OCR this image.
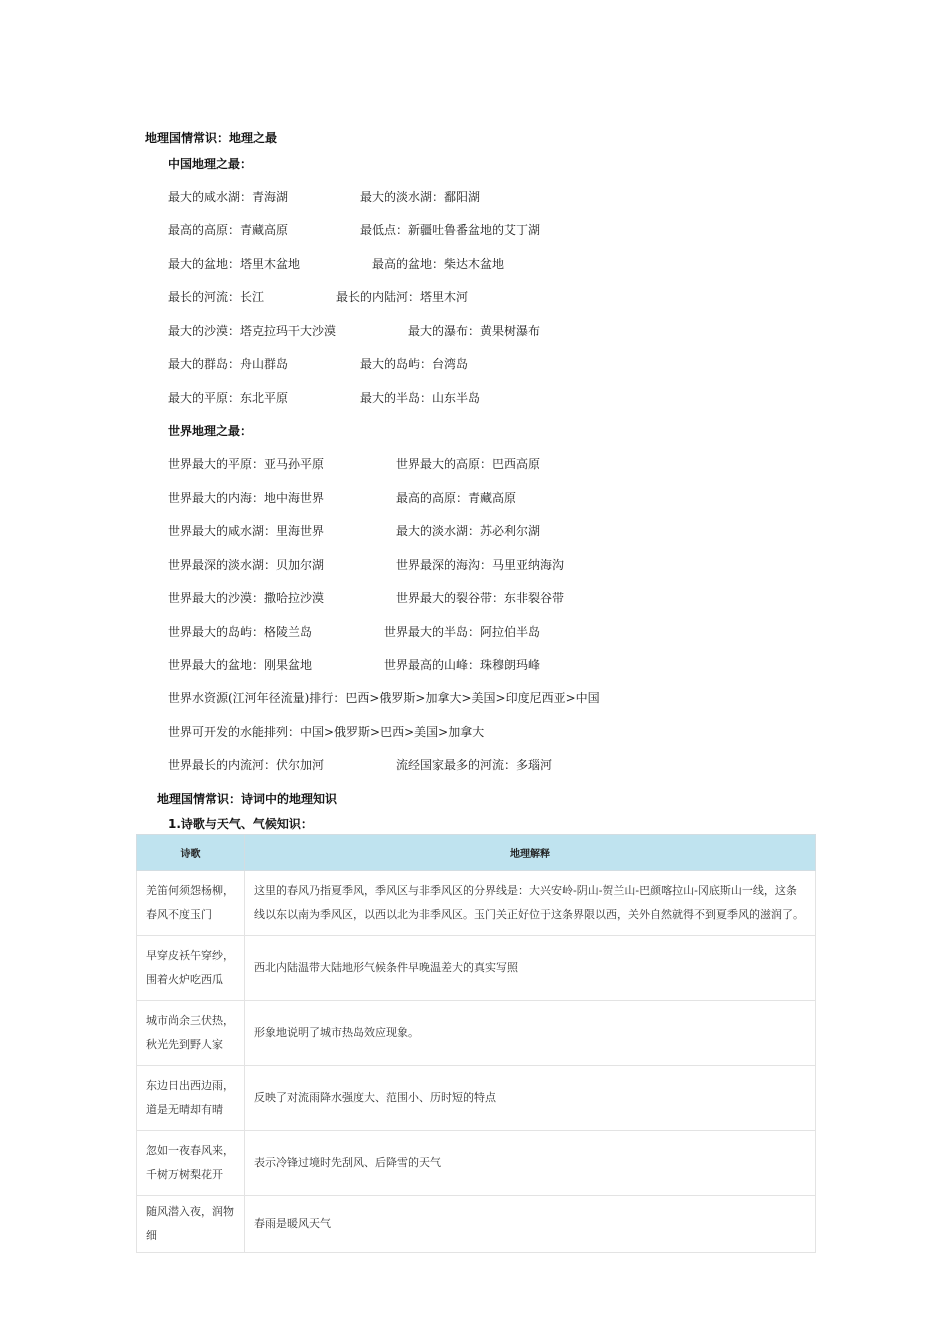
地理国情常识：地理之最
中国地理之最：
最大的咸水湖：青海湖	最大的淡水湖：鄱阳湖
最高的高原：青藏高原	最低点：新疆吐鲁番盆地的艾丁湖
最大的盆地：塔里木盆地	最高的盆地：柴达木盆地
最长的河流：长江	最长的内陆河：塔里木河
最大的沙漠：塔克拉玛干大沙漠	最大的瀑布：黄果树瀑布
最大的群岛：舟山群岛	最大的岛屿：台湾岛
最大的平原：东北平原	最大的半岛：山东半岛
世界地理之最：
世界最大的平原：亚马孙平原	世界最大的高原：巴西高原
世界最大的内海：地中海世界	最高的高原：青藏高原
世界最大的咸水湖：里海世界	最大的淡水湖：苏必利尔湖
世界最深的淡水湖：贝加尔湖	世界最深的海沟：马里亚纳海沟
世界最大的沙漠：撒哈拉沙漠	世界最大的裂谷带：东非裂谷带
世界最大的岛屿：格陵兰岛	世界最大的半岛：阿拉伯半岛
世界最大的盆地：刚果盆地	世界最高的山峰：珠穆朗玛峰
世界水资源(江河年径流量)排行：巴西>俄罗斯>加拿大>美国>印度尼西亚>中国
世界可开发的水能排列：中国>俄罗斯>巴西>美国>加拿大
世界最长的内流河：伏尔加河	流经国家最多的河流：多瑙河
地理国情常识：诗词中的地理知识
1.诗歌与天气、气候知识：
诗歌	地理解释
羌笛何须怨杨柳，春风不度玉门	这里的春风乃指夏季风，季风区与非季风区的分界线是：大兴安岭-阴山-贺兰山-巴颜喀拉山-冈底斯山一线，这条线以东以南为季风区，以西以北为非季风区。玉门关正好位于这条界限以西，关外自然就得不到夏季风的滋润了。
早穿皮袄午穿纱，围着火炉吃西瓜	西北内陆温带大陆地形气候条件早晚温差大的真实写照
城市尚余三伏热，秋光先到野人家	形象地说明了城市热岛效应现象。
东边日出西边雨，道是无晴却有晴	反映了对流雨降水强度大、范围小、历时短的特点
忽如一夜春风来，千树万树梨花开	表示冷锋过境时先刮风、后降雪的天气
随风潜入夜，润物细	春雨是暖风天气
